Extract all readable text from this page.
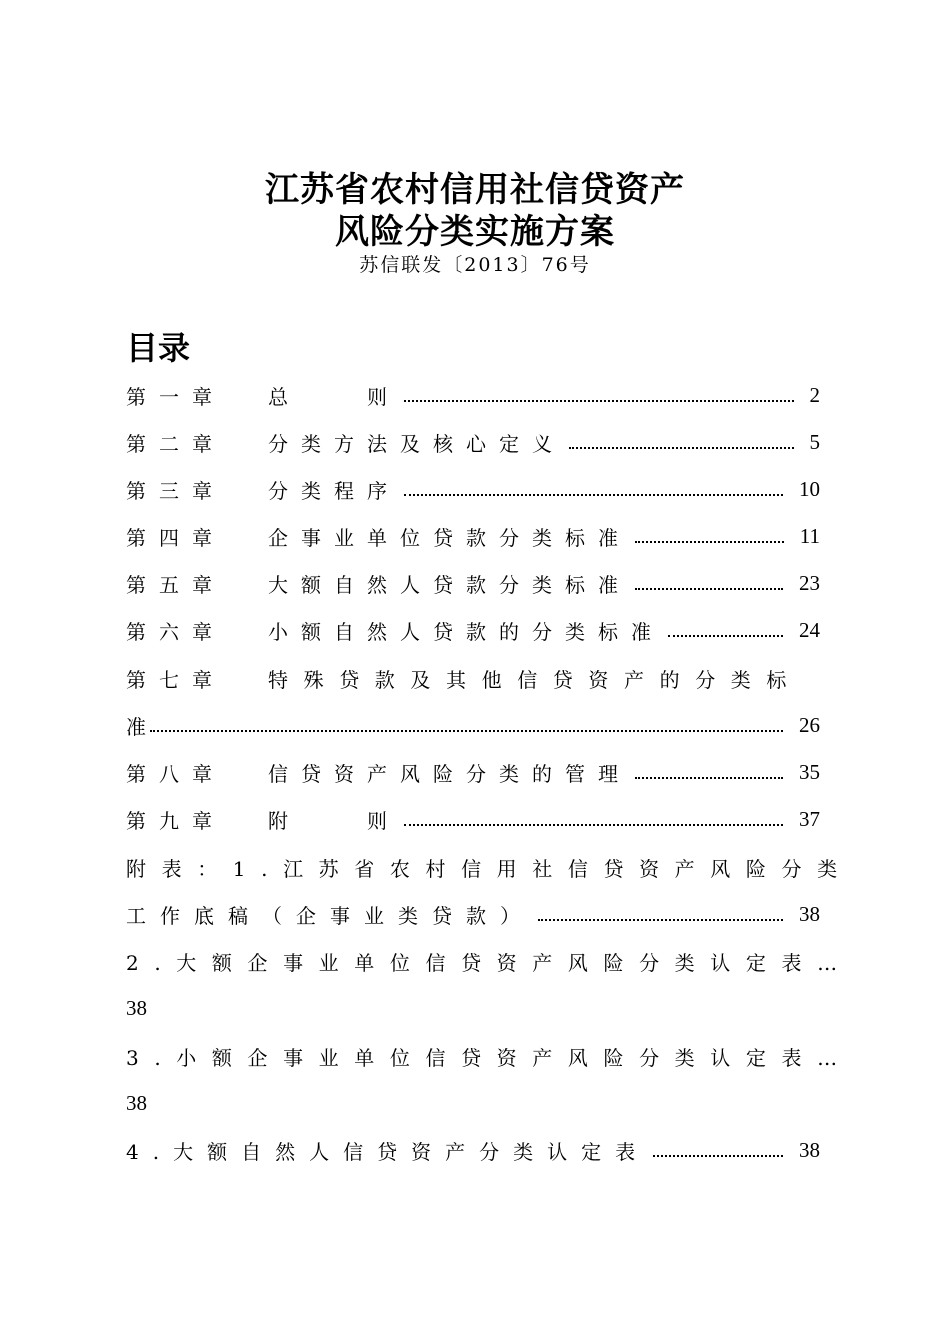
江苏省农村信用社信贷资产
风险分类实施方案
苏信联发〔2013〕76号
目录
第一章	总　　则	2
第二章	分类方法及核心定义	5
第三章	分类程序	10
第四章	企事业单位贷款分类标准	11
第五章	大额自然人贷款分类标准	23
第六章	小额自然人贷款的分类标准	24
第七章	特殊贷款及其他信贷资产的分类标
准	26
第八章	信贷资产风险分类的管理	35
第九章	附　　则	37
附表：1.江苏省农村信用社信贷资产风险分类
工作底稿（企事业类贷款）	38
2.大额企事业单位信贷资产风险分类认定表…
38
3.小额企事业单位信贷资产风险分类认定表…
38
4.大额自然人信贷资产分类认定表	38
